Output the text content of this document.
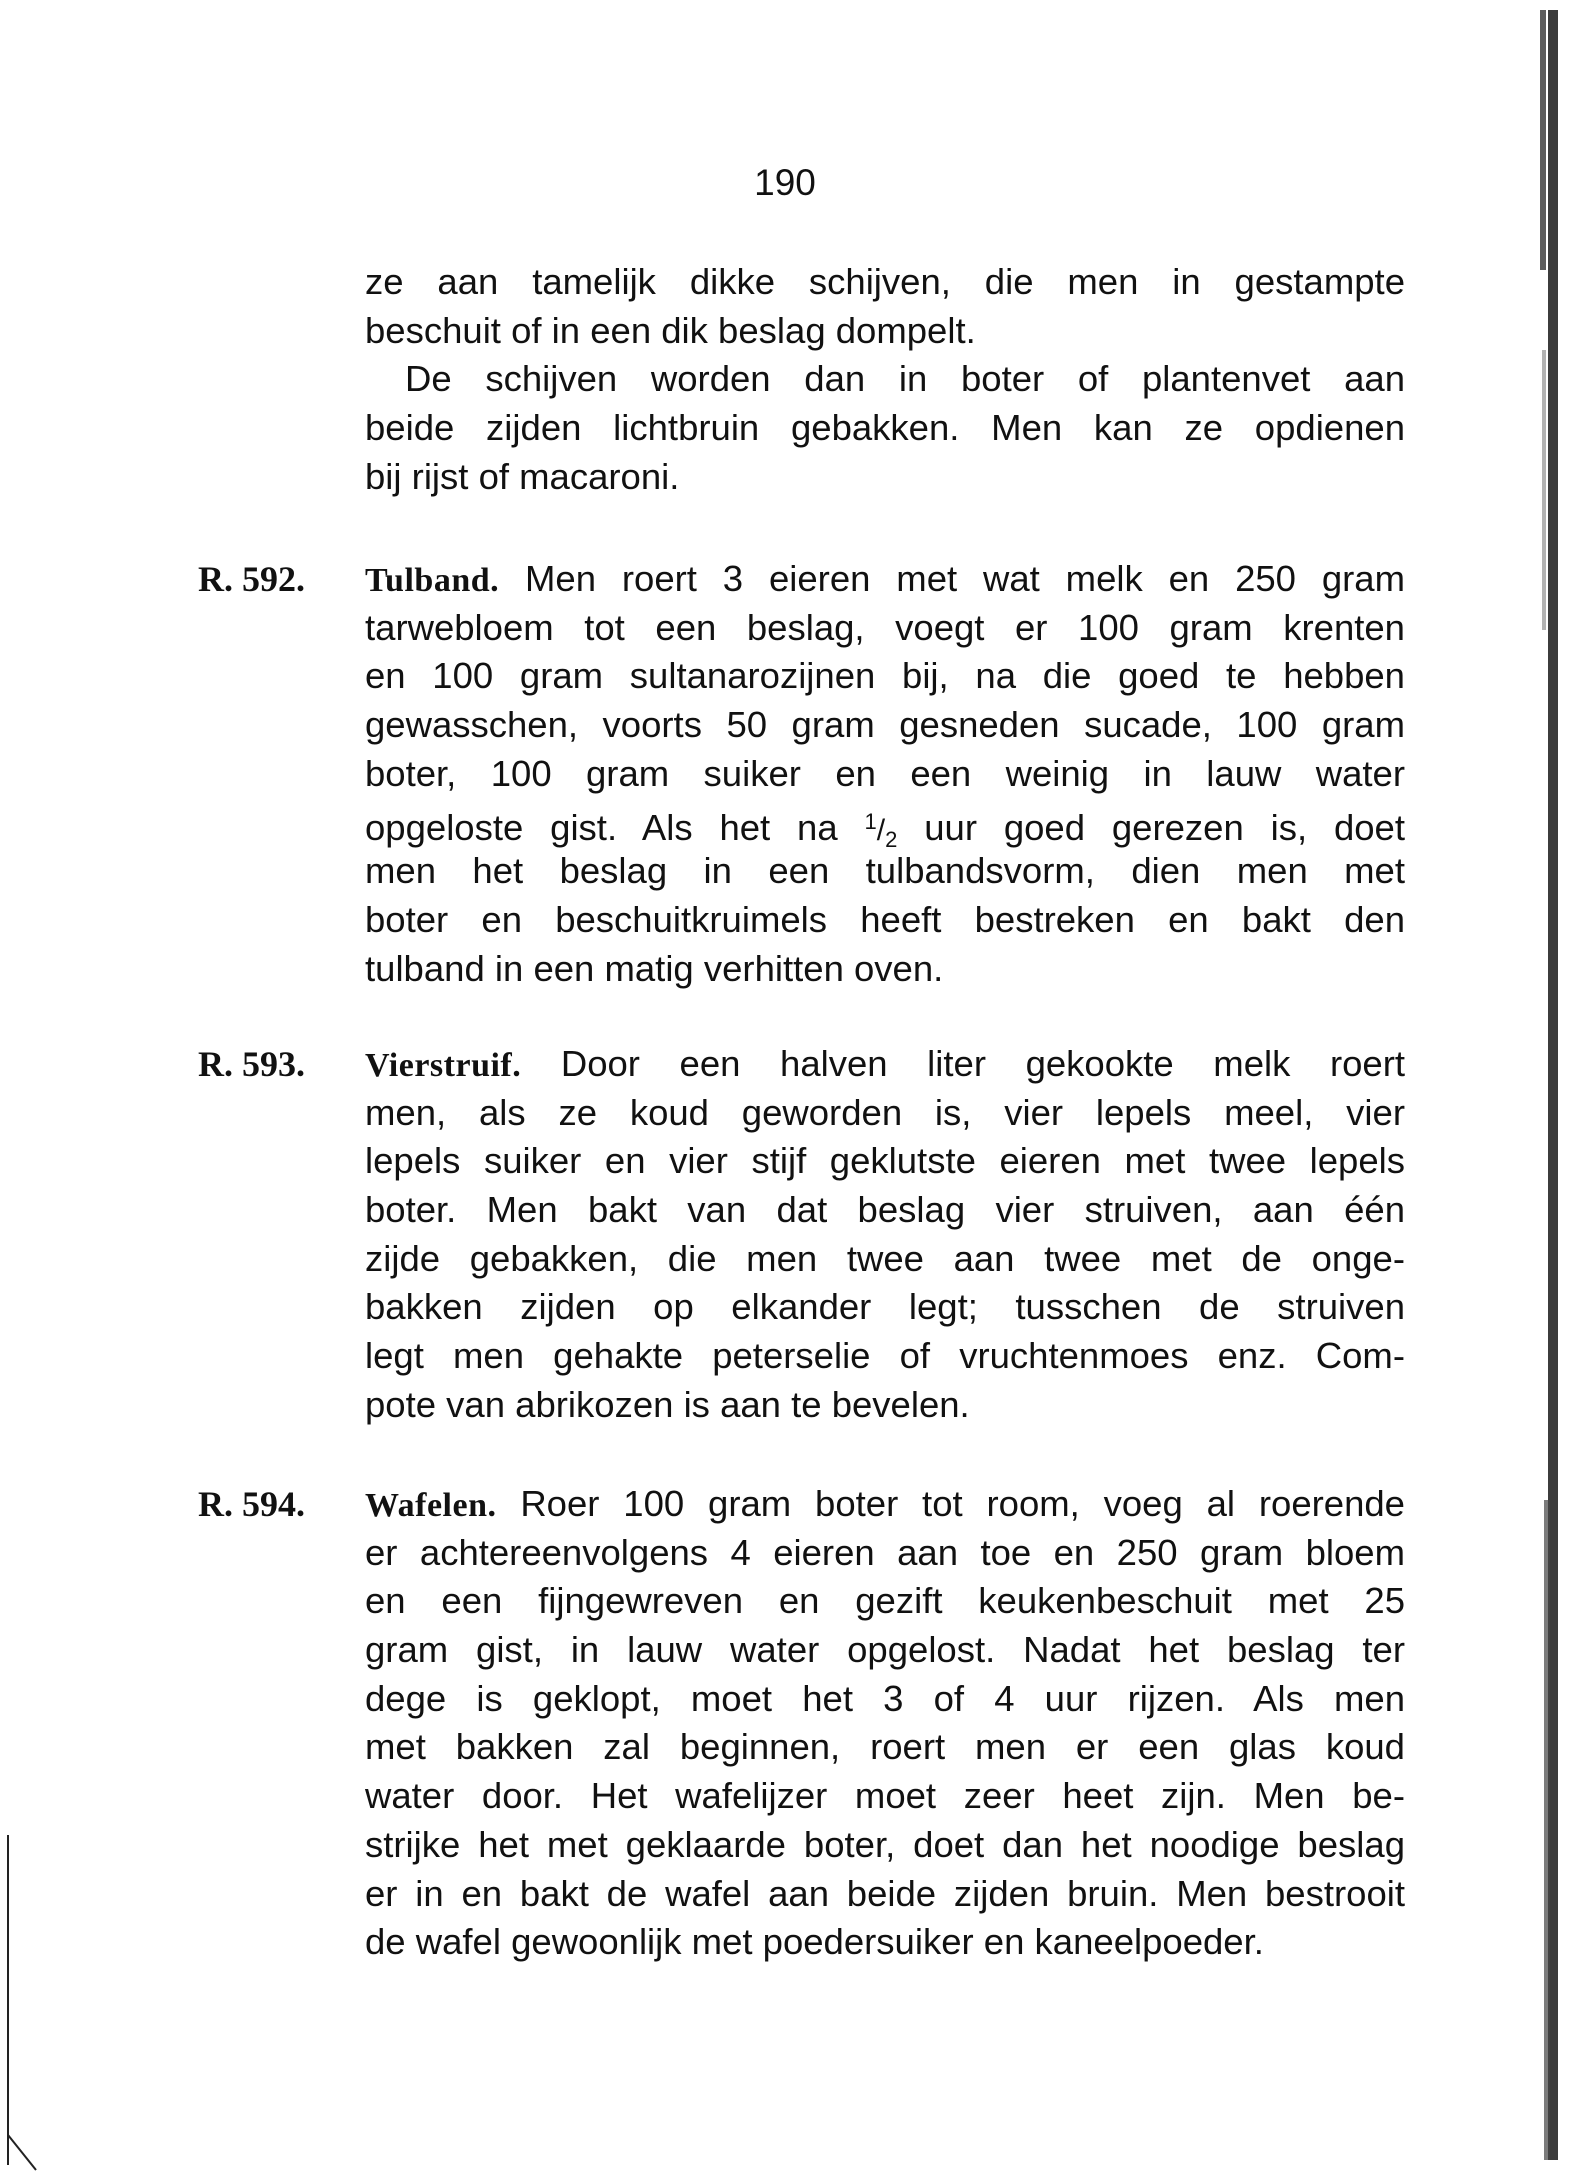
190
ze aan tamelijk dikke schijven, die men in gestampte
beschuit of in een dik beslag dompelt.
De schijven worden dan in boter of plantenvet aan
beide zijden lichtbruin gebakken. Men kan ze opdienen
bij rijst of macaroni.
R. 592.	Tulband. Men roert 3 eieren met wat melk en 250 gram
tarwebloem tot een beslag, voegt er 100 gram krenten
en 100 gram sultanarozijnen bij, na die goed te hebben
gewasschen, voorts 50 gram gesneden sucade, 100 gram
boter, 100 gram suiker en een weinig in lauw water
opgeloste gist. Als het na $^1/_2$ uur goed gerezen is, doet
men het beslag in een tulbandsvorm, dien men met
boter en beschuitkruimels heeft bestreken en bakt den
tulband in een matig verhitten oven.
R. 593.	Vierstruif. Door een halven liter gekookte melk roert
men, als ze koud geworden is, vier lepels meel, vier
lepels suiker en vier stijf geklutste eieren met twee lepels
boter. Men bakt van dat beslag vier struiven, aan één
zijde gebakken, die men twee aan twee met de onge-
bakken zijden op elkander legt; tusschen de struiven
legt men gehakte peterselie of vruchtenmoes enz. Com-
pote van abrikozen is aan te bevelen.
R. 594.	Wafelen. Roer 100 gram boter tot room, voeg al roerende
er achtereenvolgens 4 eieren aan toe en 250 gram bloem
en een fijngewreven en gezift keukenbeschuit met 25
gram gist, in lauw water opgelost. Nadat het beslag ter
dege is geklopt, moet het 3 of 4 uur rijzen. Als men
met bakken zal beginnen, roert men er een glas koud
water door. Het wafelijzer moet zeer heet zijn. Men be-
strijke het met geklaarde boter, doet dan het noodige beslag
er in en bakt de wafel aan beide zijden bruin. Men bestrooit
de wafel gewoonlijk met poedersuiker en kaneelpoeder.
